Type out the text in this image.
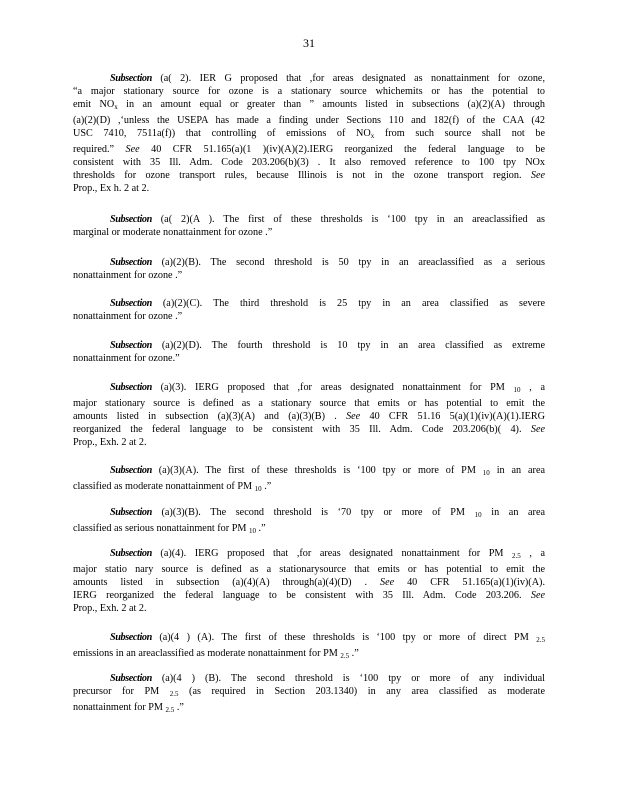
31
Subsection (a( 2). IER G proposed that ,for areas designated as nonattainment for ozone,
“a major stationary source for ozone is a stationary source whichemits or has the potential to
emit NOx in an amount equal or greater than ” amounts listed in subsections (a)(2)(A) through
(a)(2)(D) ,‘unless the USEPA has made a finding under Sections 110 and 182(f) of the CAA (42
USC 7410, 7511a(f)) that controlling of emissions of NOx from such source shall not be
required.” See 40 CFR 51.165(a)(1 )(iv)(A)(2).IERG reorganized the federal language to be
consistent with 35 Ill. Adm. Code 203.206(b)(3) . It also removed reference to 100 tpy NOx
thresholds for ozone transport rules, because Illinois is not in the ozone transport region. See
Prop., Ex h. 2 at 2.
Subsection (a( 2)(A ). The first of these thresholds is ‘100 tpy in an areaclassified as
marginal or moderate nonattainment for ozone .”
Subsection (a)(2)(B). The second threshold is 50 tpy in an areaclassified as a serious
nonattainment for ozone .”
Subsection (a)(2)(C). The third threshold is 25 tpy in an area classified as severe
nonattainment for ozone .”
Subsection (a)(2)(D). The fourth threshold is 10 tpy in an area classified as extreme
nonattainment for ozone.”
Subsection (a)(3). IERG proposed that ,for areas designated nonattainment for PM 10 , a
major stationary source is defined as a stationary source that emits or has potential to emit the
amounts listed in subsection (a)(3)(A) and (a)(3)(B) . See 40 CFR 51.16 5(a)(1)(iv)(A)(1).IERG
reorganized the federal language to be consistent with 35 Ill. Adm. Code 203.206(b)( 4). See
Prop., Exh. 2 at 2.
Subsection (a)(3)(A). The first of these thresholds is ‘100 tpy or more of PM 10 in an area
classified as moderate nonattainment of PM 10 .”
Subsection (a)(3)(B). The second threshold is ‘70 tpy or more of PM 10 in an area
classified as serious nonattainment for PM 10 .”
Subsection (a)(4). IERG proposed that ,for areas designated nonattainment for PM 2.5 , a
major statio nary source is defined as a stationarysource that emits or has potential to emit the
amounts listed in subsection (a)(4)(A) through(a)(4)(D) . See 40 CFR 51.165(a)(1)(iv)(A).
IERG reorganized the federal language to be consistent with 35 Ill. Adm. Code 203.206. See
Prop., Exh. 2 at 2.
Subsection (a)(4 ) (A). The first of these thresholds is ‘100 tpy or more of direct PM 2.5
emissions in an areaclassified as moderate nonattainment for PM 2.5 .”
Subsection (a)(4 ) (B). The second threshold is ‘100 tpy or more of any individual
precursor for PM 2.5 (as required in Section 203.1340) in any area classified as moderate
nonattainment for PM 2.5 .”
